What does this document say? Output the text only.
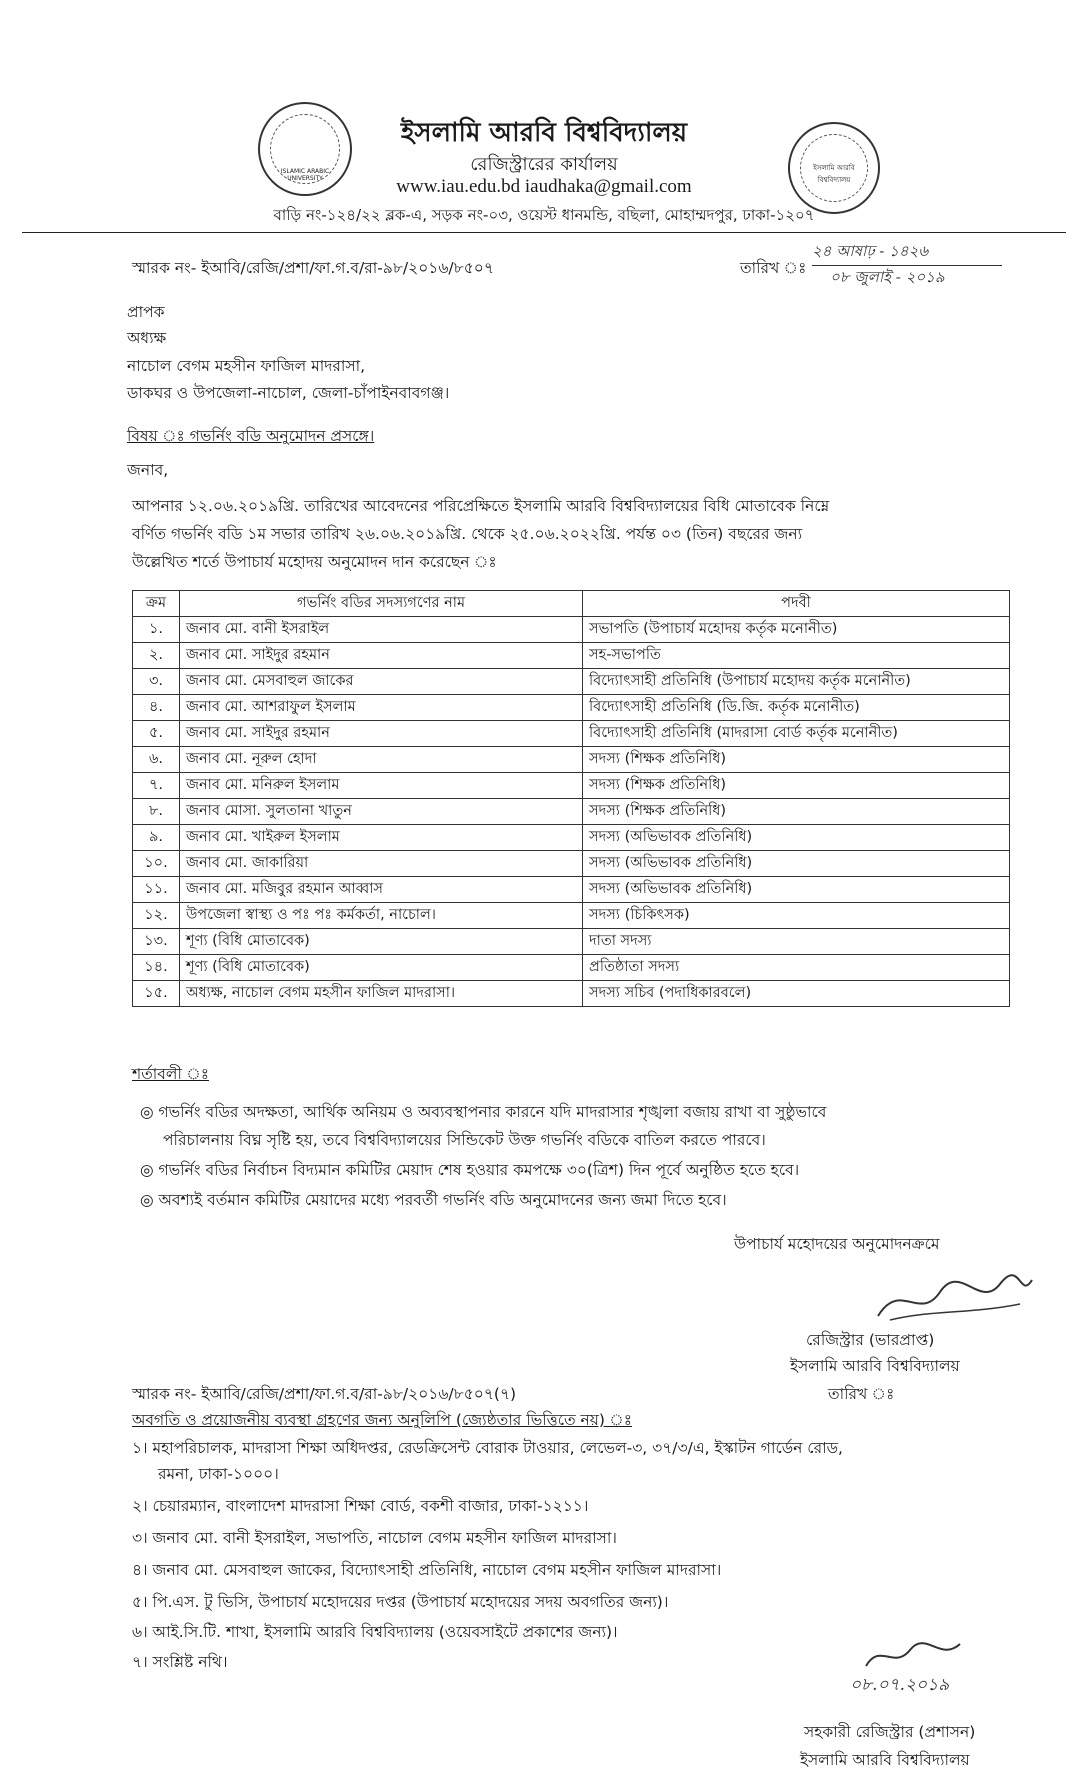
ISLAMIC ARABIC UNIVERSITY
ইসলামি আরবি বিশ্ববিদ্যালয়
ইসলামি আরবি বিশ্ববিদ্যালয়
রেজিস্ট্রারের কার্যালয়
www.iau.edu.bd iaudhaka@gmail.com
বাড়ি নং-১২৪/২২ ব্লক-এ, সড়ক নং-০৩, ওয়েস্ট ধানমন্ডি, বছিলা, মোহাম্মদপুর, ঢাকা-১২০৭
স্মারক নং- ইআবি/রেজি/প্রশা/ফা.গ.ব/রা-৯৮/২০১৬/৮৫০৭	তারিখ ঃ
২৪ আষাঢ় - ১৪২৬
০৮ জুলাই - ২০১৯
প্রাপক
অধ্যক্ষ
নাচোল বেগম মহসীন ফাজিল মাদরাসা,
ডাকঘর ও উপজেলা-নাচোল, জেলা-চাঁপাইনবাবগঞ্জ।
বিষয় ঃ গভর্নিং বডি অনুমোদন প্রসঙ্গে।
জনাব,
আপনার ১২.০৬.২০১৯খ্রি. তারিখের আবেদনের পরিপ্রেক্ষিতে ইসলামি আরবি বিশ্ববিদ্যালয়ের বিধি মোতাবেক নিম্নে
বর্ণিত গভর্নিং বডি ১ম সভার তারিখ ২৬.০৬.২০১৯খ্রি. থেকে ২৫.০৬.২০২২খ্রি. পর্যন্ত ০৩ (তিন) বছরের জন্য
উল্লেখিত শর্তে উপাচার্য মহোদয় অনুমোদন দান করেছেন ঃ
ক্রম	গভর্নিং বডির সদস্যগণের নাম	পদবী
১.	জনাব মো. বানী ইসরাইল	সভাপতি (উপাচার্য মহোদয় কর্তৃক মনোনীত)
২.	জনাব মো. সাইদুর রহমান	সহ-সভাপতি
৩.	জনাব মো. মেসবাহুল জাকের	বিদ্যোৎসাহী প্রতিনিধি (উপাচার্য মহোদয় কর্তৃক মনোনীত)
৪.	জনাব মো. আশরাফুল ইসলাম	বিদ্যোৎসাহী প্রতিনিধি (ডি.জি. কর্তৃক মনোনীত)
৫.	জনাব মো. সাইদুর রহমান	বিদ্যোৎসাহী প্রতিনিধি (মাদরাসা বোর্ড কর্তৃক মনোনীত)
৬.	জনাব মো. নূরুল হোদা	সদস্য (শিক্ষক প্রতিনিধি)
৭.	জনাব মো. মনিরুল ইসলাম	সদস্য (শিক্ষক প্রতিনিধি)
৮.	জনাব মোসা. সুলতানা খাতুন	সদস্য (শিক্ষক প্রতিনিধি)
৯.	জনাব মো. খাইরুল ইসলাম	সদস্য (অভিভাবক প্রতিনিধি)
১০.	জনাব মো. জাকারিয়া	সদস্য (অভিভাবক প্রতিনিধি)
১১.	জনাব মো. মজিবুর রহমান আব্বাস	সদস্য (অভিভাবক প্রতিনিধি)
১২.	উপজেলা স্বাস্থ্য ও পঃ পঃ কর্মকর্তা, নাচোল।	সদস্য (চিকিৎসক)
১৩.	শূণ্য (বিধি মোতাবেক)	দাতা সদস্য
১৪.	শূণ্য (বিধি মোতাবেক)	প্রতিষ্ঠাতা সদস্য
১৫.	অধ্যক্ষ, নাচোল বেগম মহসীন ফাজিল মাদরাসা।	সদস্য সচিব (পদাধিকারবলে)
শর্তাবলী ঃ
◎ গভর্নিং বডির অদক্ষতা, আর্থিক অনিয়ম ও অব্যবস্থাপনার কারনে যদি মাদরাসার শৃঙ্খলা বজায় রাখা বা সুষ্ঠুভাবে
পরিচালনায় বিঘ্ন সৃষ্টি হয়, তবে বিশ্ববিদ্যালয়ের সিন্ডিকেট উক্ত গভর্নিং বডিকে বাতিল করতে পারবে।
◎ গভর্নিং বডির নির্বাচন বিদ্যমান কমিটির মেয়াদ শেষ হওয়ার কমপক্ষে ৩০(ত্রিশ) দিন পূর্বে অনুষ্ঠিত হতে হবে।
◎ অবশ্যই বর্তমান কমিটির মেয়াদের মধ্যে পরবর্তী গভর্নিং বডি অনুমোদনের জন্য জমা দিতে হবে।
উপাচার্য মহোদয়ের অনুমোদনক্রমে
রেজিস্ট্রার (ভারপ্রাপ্ত)
ইসলামি আরবি বিশ্ববিদ্যালয়
স্মারক নং- ইআবি/রেজি/প্রশা/ফা.গ.ব/রা-৯৮/২০১৬/৮৫০৭(৭)	তারিখ ঃ
অবগতি ও প্রয়োজনীয় ব্যবস্থা গ্রহণের জন্য অনুলিপি (জ্যেষ্ঠতার ভিত্তিতে নয়) ঃ
১। মহাপরিচালক, মাদরাসা শিক্ষা অধিদপ্তর, রেডক্রিসেন্ট বোরাক টাওয়ার, লেভেল-৩, ৩৭/৩/এ, ইস্কাটন গার্ডেন রোড,
রমনা, ঢাকা-১০০০।
২। চেয়ারম্যান, বাংলাদেশ মাদরাসা শিক্ষা বোর্ড, বকশী বাজার, ঢাকা-১২১১।
৩। জনাব মো. বানী ইসরাইল, সভাপতি, নাচোল বেগম মহসীন ফাজিল মাদরাসা।
৪। জনাব মো. মেসবাহুল জাকের, বিদ্যোৎসাহী প্রতিনিধি, নাচোল বেগম মহসীন ফাজিল মাদরাসা।
৫। পি.এস. টু ভিসি, উপাচার্য মহোদয়ের দপ্তর (উপাচার্য মহোদয়ের সদয় অবগতির জন্য)।
৬। আই.সি.টি. শাখা, ইসলামি আরবি বিশ্ববিদ্যালয় (ওয়েবসাইটে প্রকাশের জন্য)।
৭। সংশ্লিষ্ট নথি।
০৮.০৭.২০১৯
সহকারী রেজিস্ট্রার (প্রশাসন)
ইসলামি আরবি বিশ্ববিদ্যালয়
